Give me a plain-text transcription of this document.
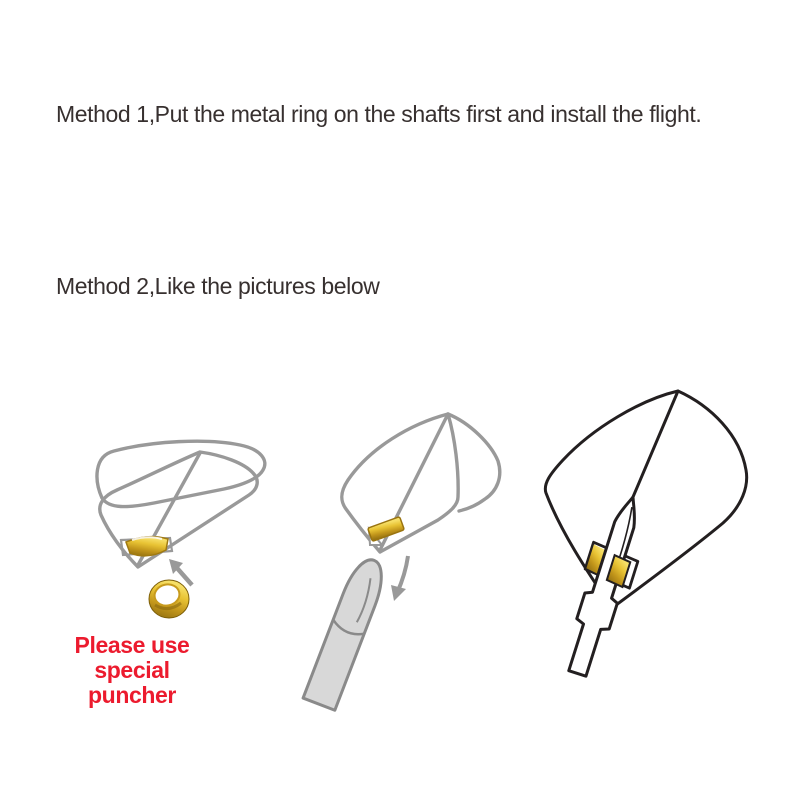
Method 1,Put the metal ring on the shafts first and install the flight.
Method 2,Like the pictures below
Please use special
puncher
